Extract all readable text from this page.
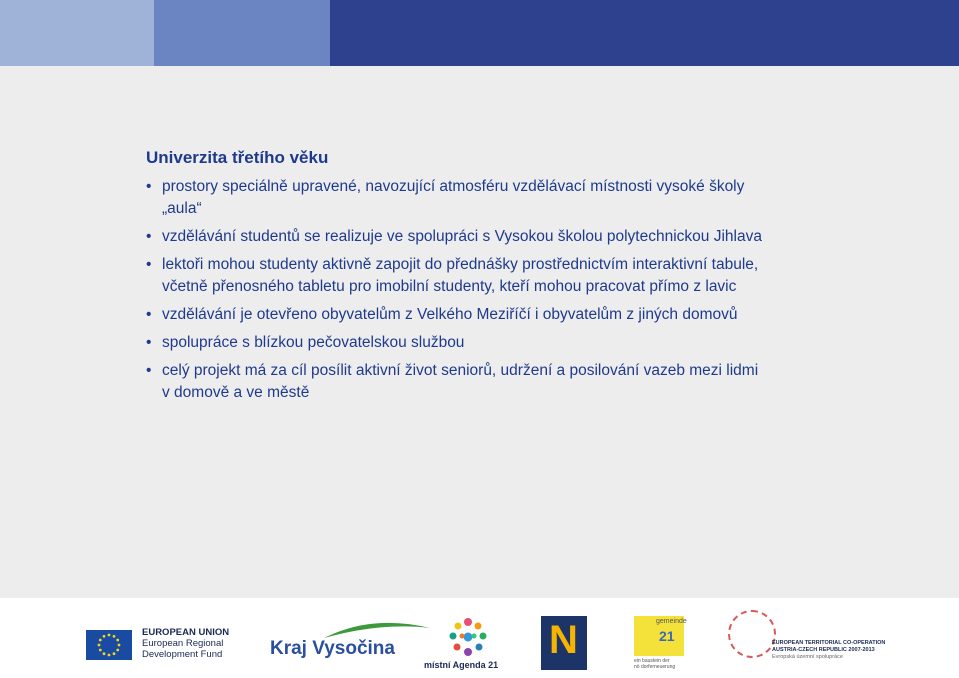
Univerzita třetího věku
• prostory speciálně upravené, navozující atmosféru vzdělávací místnosti vysoké školy
„aula“
• vzdělávání studentů se realizuje ve spolupráci s Vysokou školou polytechnickou Jihlava
• lektoři mohou studenty aktivně zapojit do přednášky prostřednictvím interaktivní tabule,
včetně přenosného tabletu pro imobilní studenty, kteří mohou pracovat přímo z lavic
• vzdělávání je otevřeno obyvatelům z Velkého Meziříčí i obyvatelům z jiných domovů
• spolupráce s blízkou pečovatelskou službou
• celý projekt má za cíl posílit aktivní život seniorů, udržení a posilování vazeb mezi lidmi
v domově a ve městě
EUROPEAN UNION
European Regional
Development Fund	Kraj Vysočina
místní Agenda 21
N	gemeinde
21
ein baustein der
nö dorferneuerung
EUROPEAN TERRITORIAL CO-OPERATION
AUSTRIA-CZECH REPUBLIC 2007-2013
Evropská územní spolupráce
